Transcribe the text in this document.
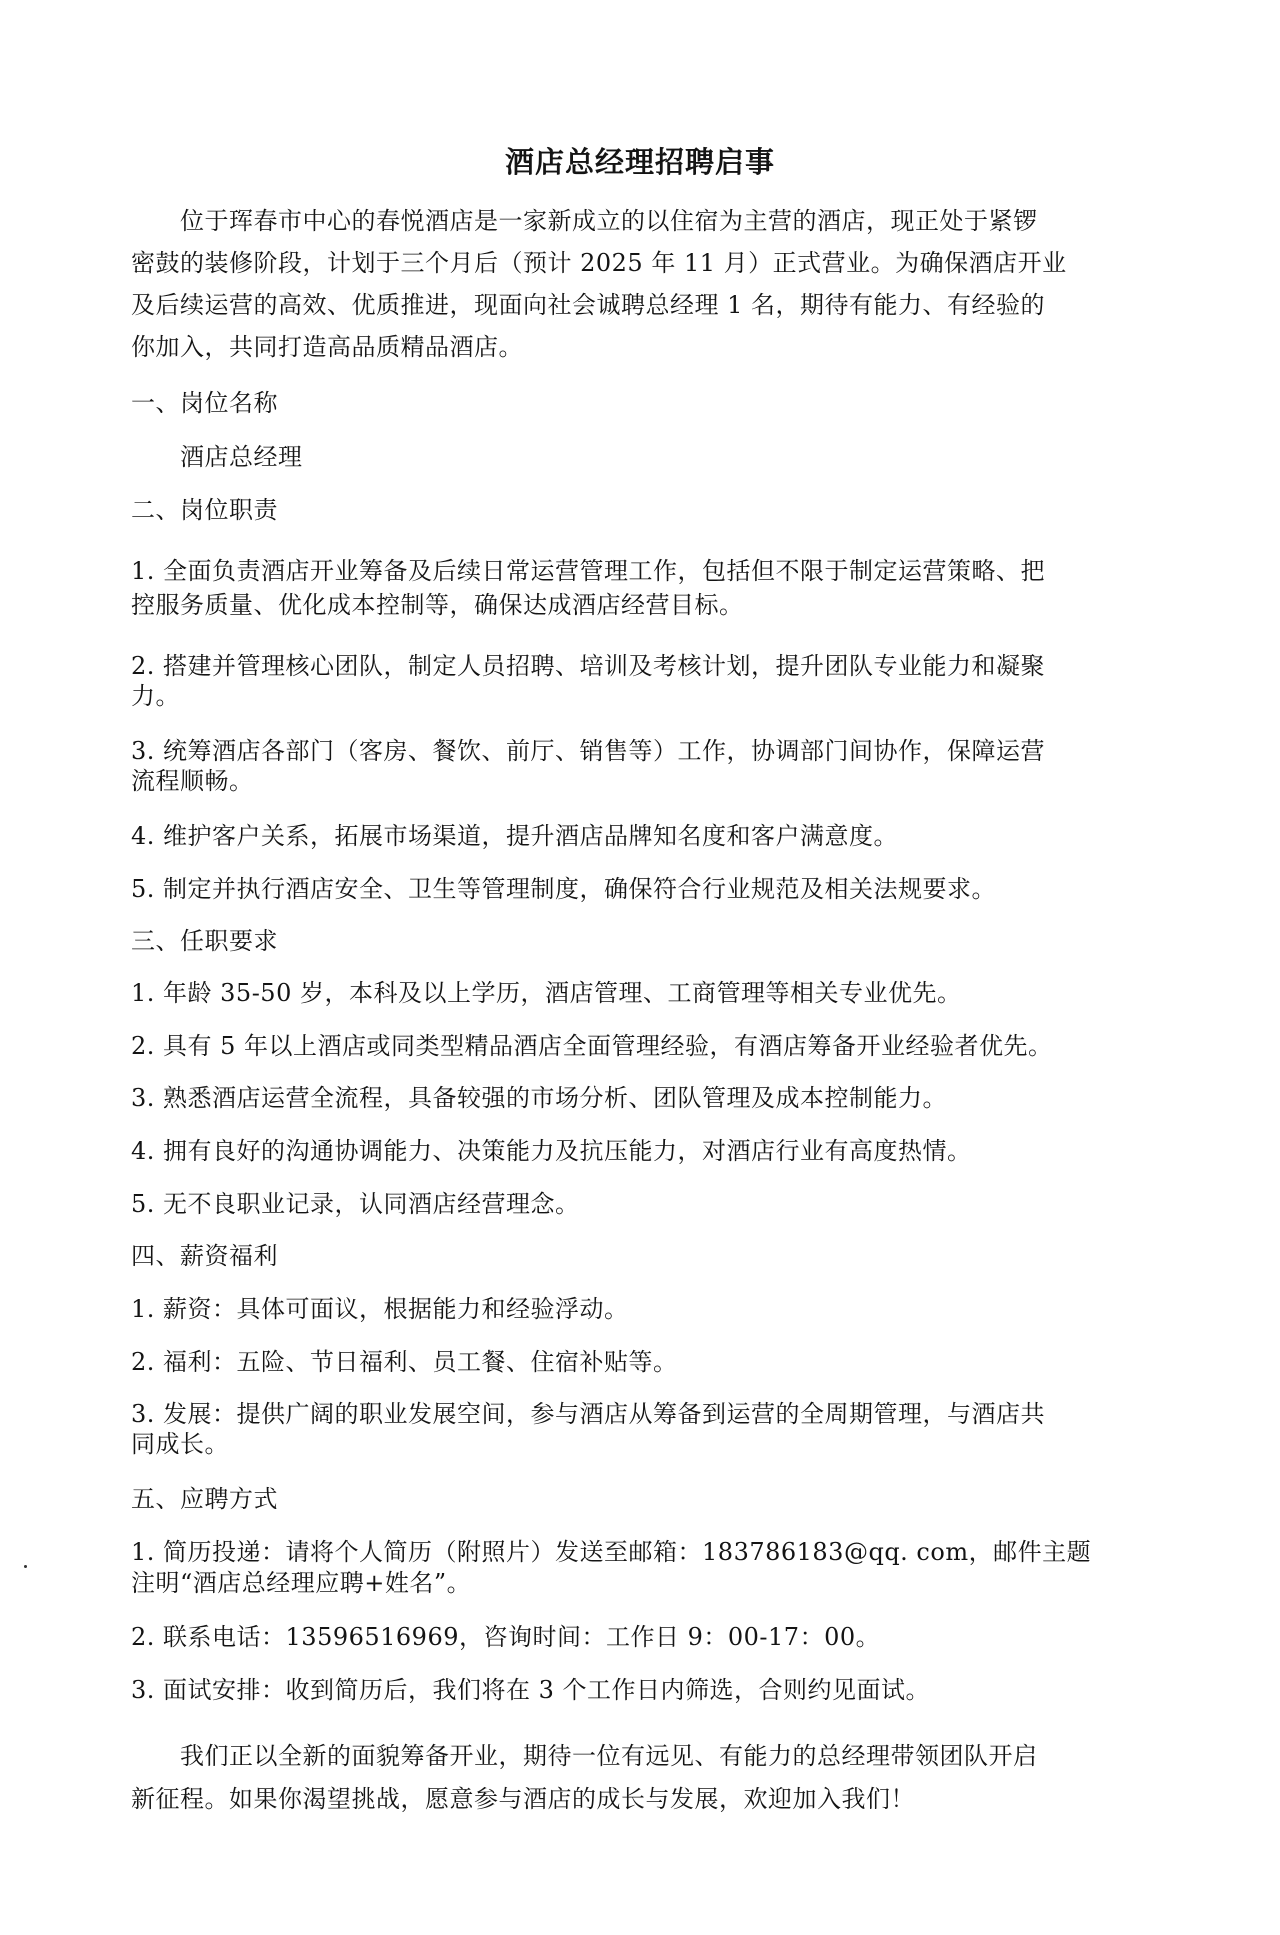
酒店总经理招聘启事
位于珲春市中心的春悦酒店是一家新成立的以住宿为主营的酒店，现正处于紧锣
密鼓的装修阶段，计划于三个月后（预计 2025 年 11 月）正式营业。为确保酒店开业
及后续运营的高效、优质推进，现面向社会诚聘总经理 1 名，期待有能力、有经验的
你加入，共同打造高品质精品酒店。
一、岗位名称
酒店总经理
二、岗位职责
1. 全面负责酒店开业筹备及后续日常运营管理工作，包括但不限于制定运营策略、把
控服务质量、优化成本控制等，确保达成酒店经营目标。
2. 搭建并管理核心团队，制定人员招聘、培训及考核计划，提升团队专业能力和凝聚
力。
3. 统筹酒店各部门（客房、餐饮、前厅、销售等）工作，协调部门间协作，保障运营
流程顺畅。
4. 维护客户关系，拓展市场渠道，提升酒店品牌知名度和客户满意度。
5. 制定并执行酒店安全、卫生等管理制度，确保符合行业规范及相关法规要求。
三、任职要求
1. 年龄 35-50 岁，本科及以上学历，酒店管理、工商管理等相关专业优先。
2. 具有 5 年以上酒店或同类型精品酒店全面管理经验，有酒店筹备开业经验者优先。
3. 熟悉酒店运营全流程，具备较强的市场分析、团队管理及成本控制能力。
4. 拥有良好的沟通协调能力、决策能力及抗压能力，对酒店行业有高度热情。
5. 无不良职业记录，认同酒店经营理念。
四、薪资福利
1. 薪资：具体可面议，根据能力和经验浮动。
2. 福利：五险、节日福利、员工餐、住宿补贴等。
3. 发展：提供广阔的职业发展空间，参与酒店从筹备到运营的全周期管理，与酒店共
同成长。
五、应聘方式
1. 简历投递：请将个人简历（附照片）发送至邮箱：183786183@qq. com，邮件主题
注明“酒店总经理应聘+姓名”。
2. 联系电话：13596516969，咨询时间：工作日 9：00-17：00。
3. 面试安排：收到简历后，我们将在 3 个工作日内筛选，合则约见面试。
我们正以全新的面貌筹备开业，期待一位有远见、有能力的总经理带领团队开启
新征程。如果你渴望挑战，愿意参与酒店的成长与发展，欢迎加入我们！
